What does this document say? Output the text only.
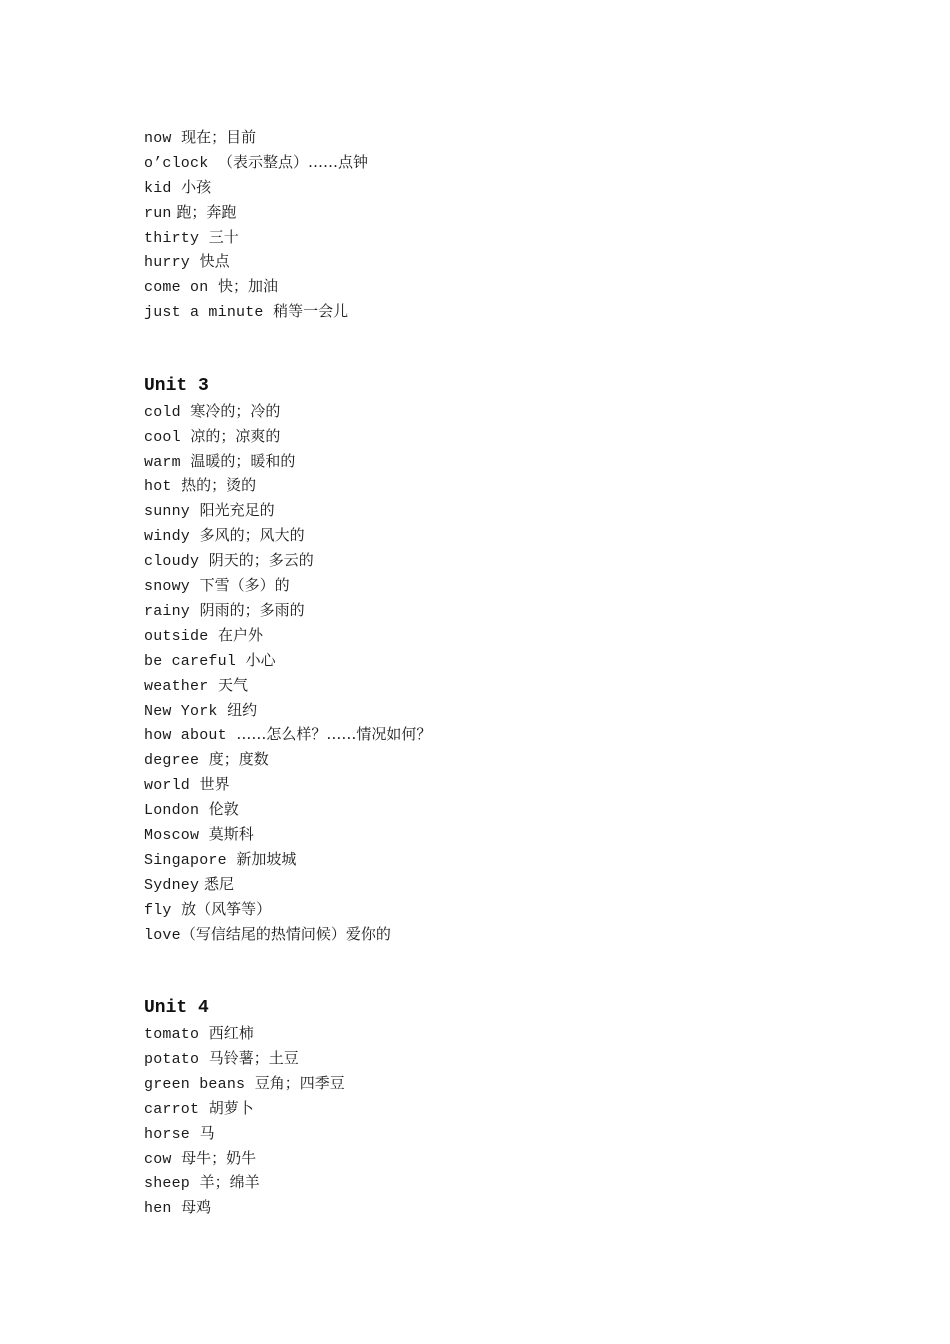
now 现在；目前
o’clock （表示整点）……点钟
kid 小孩
run 跑；奔跑
thirty 三十
hurry 快点
come on 快；加油
just a minute 稍等一会儿
Unit 3
cold 寒冷的；冷的
cool 凉的；凉爽的
warm 温暖的；暖和的
hot 热的；烫的
sunny 阳光充足的
windy 多风的；风大的
cloudy 阴天的；多云的
snowy 下雪（多）的
rainy 阴雨的；多雨的
outside 在户外
be careful 小心
weather 天气
New York 纽约
how about ……怎么样？……情况如何？
degree 度；度数
world 世界
London 伦敦
Moscow 莫斯科
Singapore 新加坡城
Sydney 悉尼
fly 放（风筝等）
love（写信结尾的热情问候）爱你的
Unit 4
tomato 西红柿
potato 马铃薯；土豆
green beans 豆角；四季豆
carrot 胡萝卜
horse 马
cow 母牛；奶牛
sheep 羊；绵羊
hen 母鸡
